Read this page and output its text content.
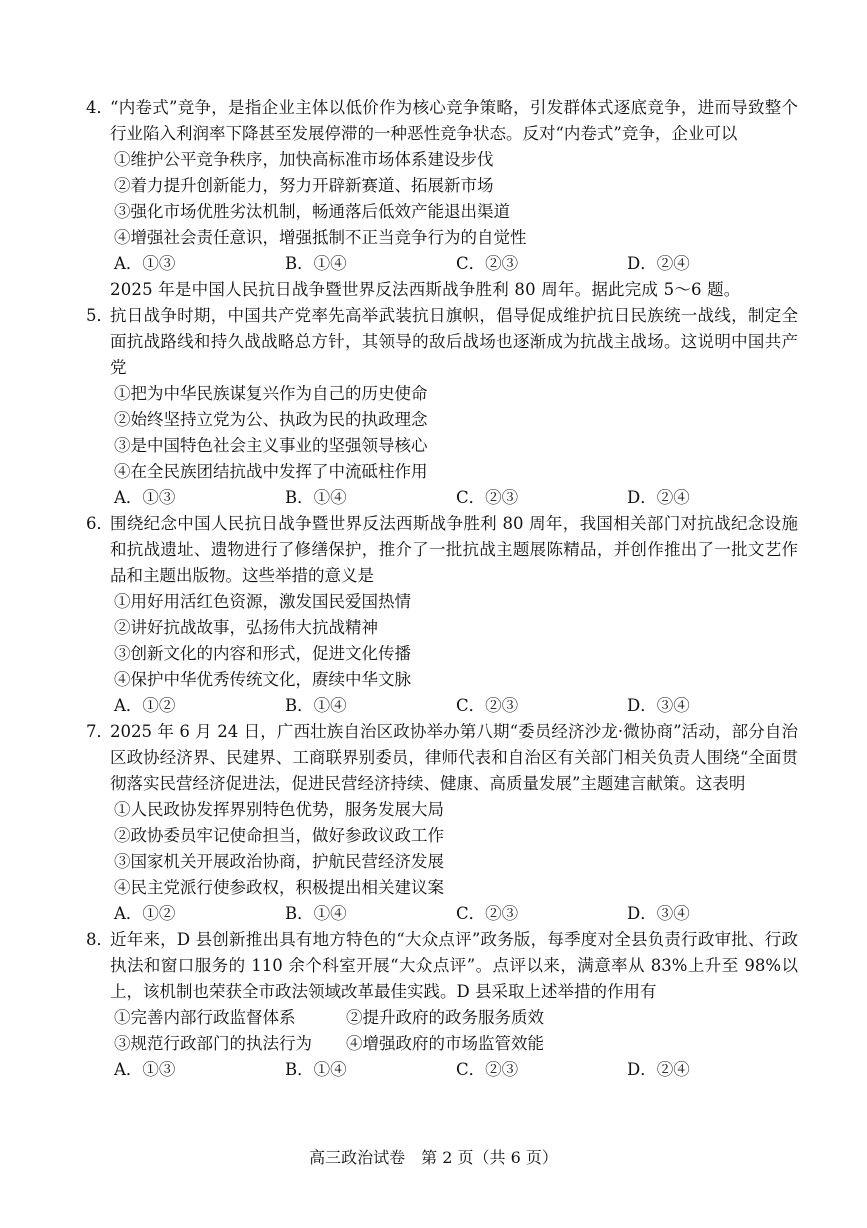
4．
“内卷式”竞争，是指企业主体以低价作为核心竞争策略，引发群体式逐底竞争，进而导致整个行业陷入利润率下降甚至发展停滞的一种恶性竞争状态。反对“内卷式”竞争，企业可以
①维护公平竞争秩序，加快高标准市场体系建设步伐
②着力提升创新能力，努力开辟新赛道、拓展新市场
③强化市场优胜劣汰机制，畅通落后低效产能退出渠道
④增强社会责任意识，增强抵制不正当竞争行为的自觉性
A．①③	B．①④	C．②③	D．②④
2025 年是中国人民抗日战争暨世界反法西斯战争胜利 80 周年。据此完成 5～6 题。
5．
抗日战争时期，中国共产党率先高举武装抗日旗帜，倡导促成维护抗日民族统一战线，制定全面抗战路线和持久战战略总方针，其领导的敌后战场也逐渐成为抗战主战场。这说明中国共产党
①把为中华民族谋复兴作为自己的历史使命
②始终坚持立党为公、执政为民的执政理念
③是中国特色社会主义事业的坚强领导核心
④在全民族团结抗战中发挥了中流砥柱作用
A．①③	B．①④	C．②③	D．②④
6．
围绕纪念中国人民抗日战争暨世界反法西斯战争胜利 80 周年，我国相关部门对抗战纪念设施和抗战遗址、遗物进行了修缮保护，推介了一批抗战主题展陈精品，并创作推出了一批文艺作品和主题出版物。这些举措的意义是
①用好用活红色资源，激发国民爱国热情
②讲好抗战故事，弘扬伟大抗战精神
③创新文化的内容和形式，促进文化传播
④保护中华优秀传统文化，赓续中华文脉
A．①②	B．①④	C．②③	D．③④
7．
2025 年 6 月 24 日，广西壮族自治区政协举办第八期“委员经济沙龙·微协商”活动，部分自治区政协经济界、民建界、工商联界别委员，律师代表和自治区有关部门相关负责人围绕“全面贯彻落实民营经济促进法，促进民营经济持续、健康、高质量发展”主题建言献策。这表明
①人民政协发挥界别特色优势，服务发展大局
②政协委员牢记使命担当，做好参政议政工作
③国家机关开展政治协商，护航民营经济发展
④民主党派行使参政权，积极提出相关建议案
A．①②	B．①④	C．②③	D．③④
8．
近年来，D 县创新推出具有地方特色的“大众点评”政务版，每季度对全县负责行政审批、行政执法和窗口服务的 110 余个科室开展“大众点评”。点评以来，满意率从 83%上升至 98%以上，该机制也荣获全市政法领域改革最佳实践。D 县采取上述举措的作用有
①完善内部行政监督体系	②提升政府的政务服务质效
③规范行政部门的执法行为	④增强政府的市场监管效能
A．①③	B．①④	C．②③	D．②④
高三政治试卷　第 2 页（共 6 页）
